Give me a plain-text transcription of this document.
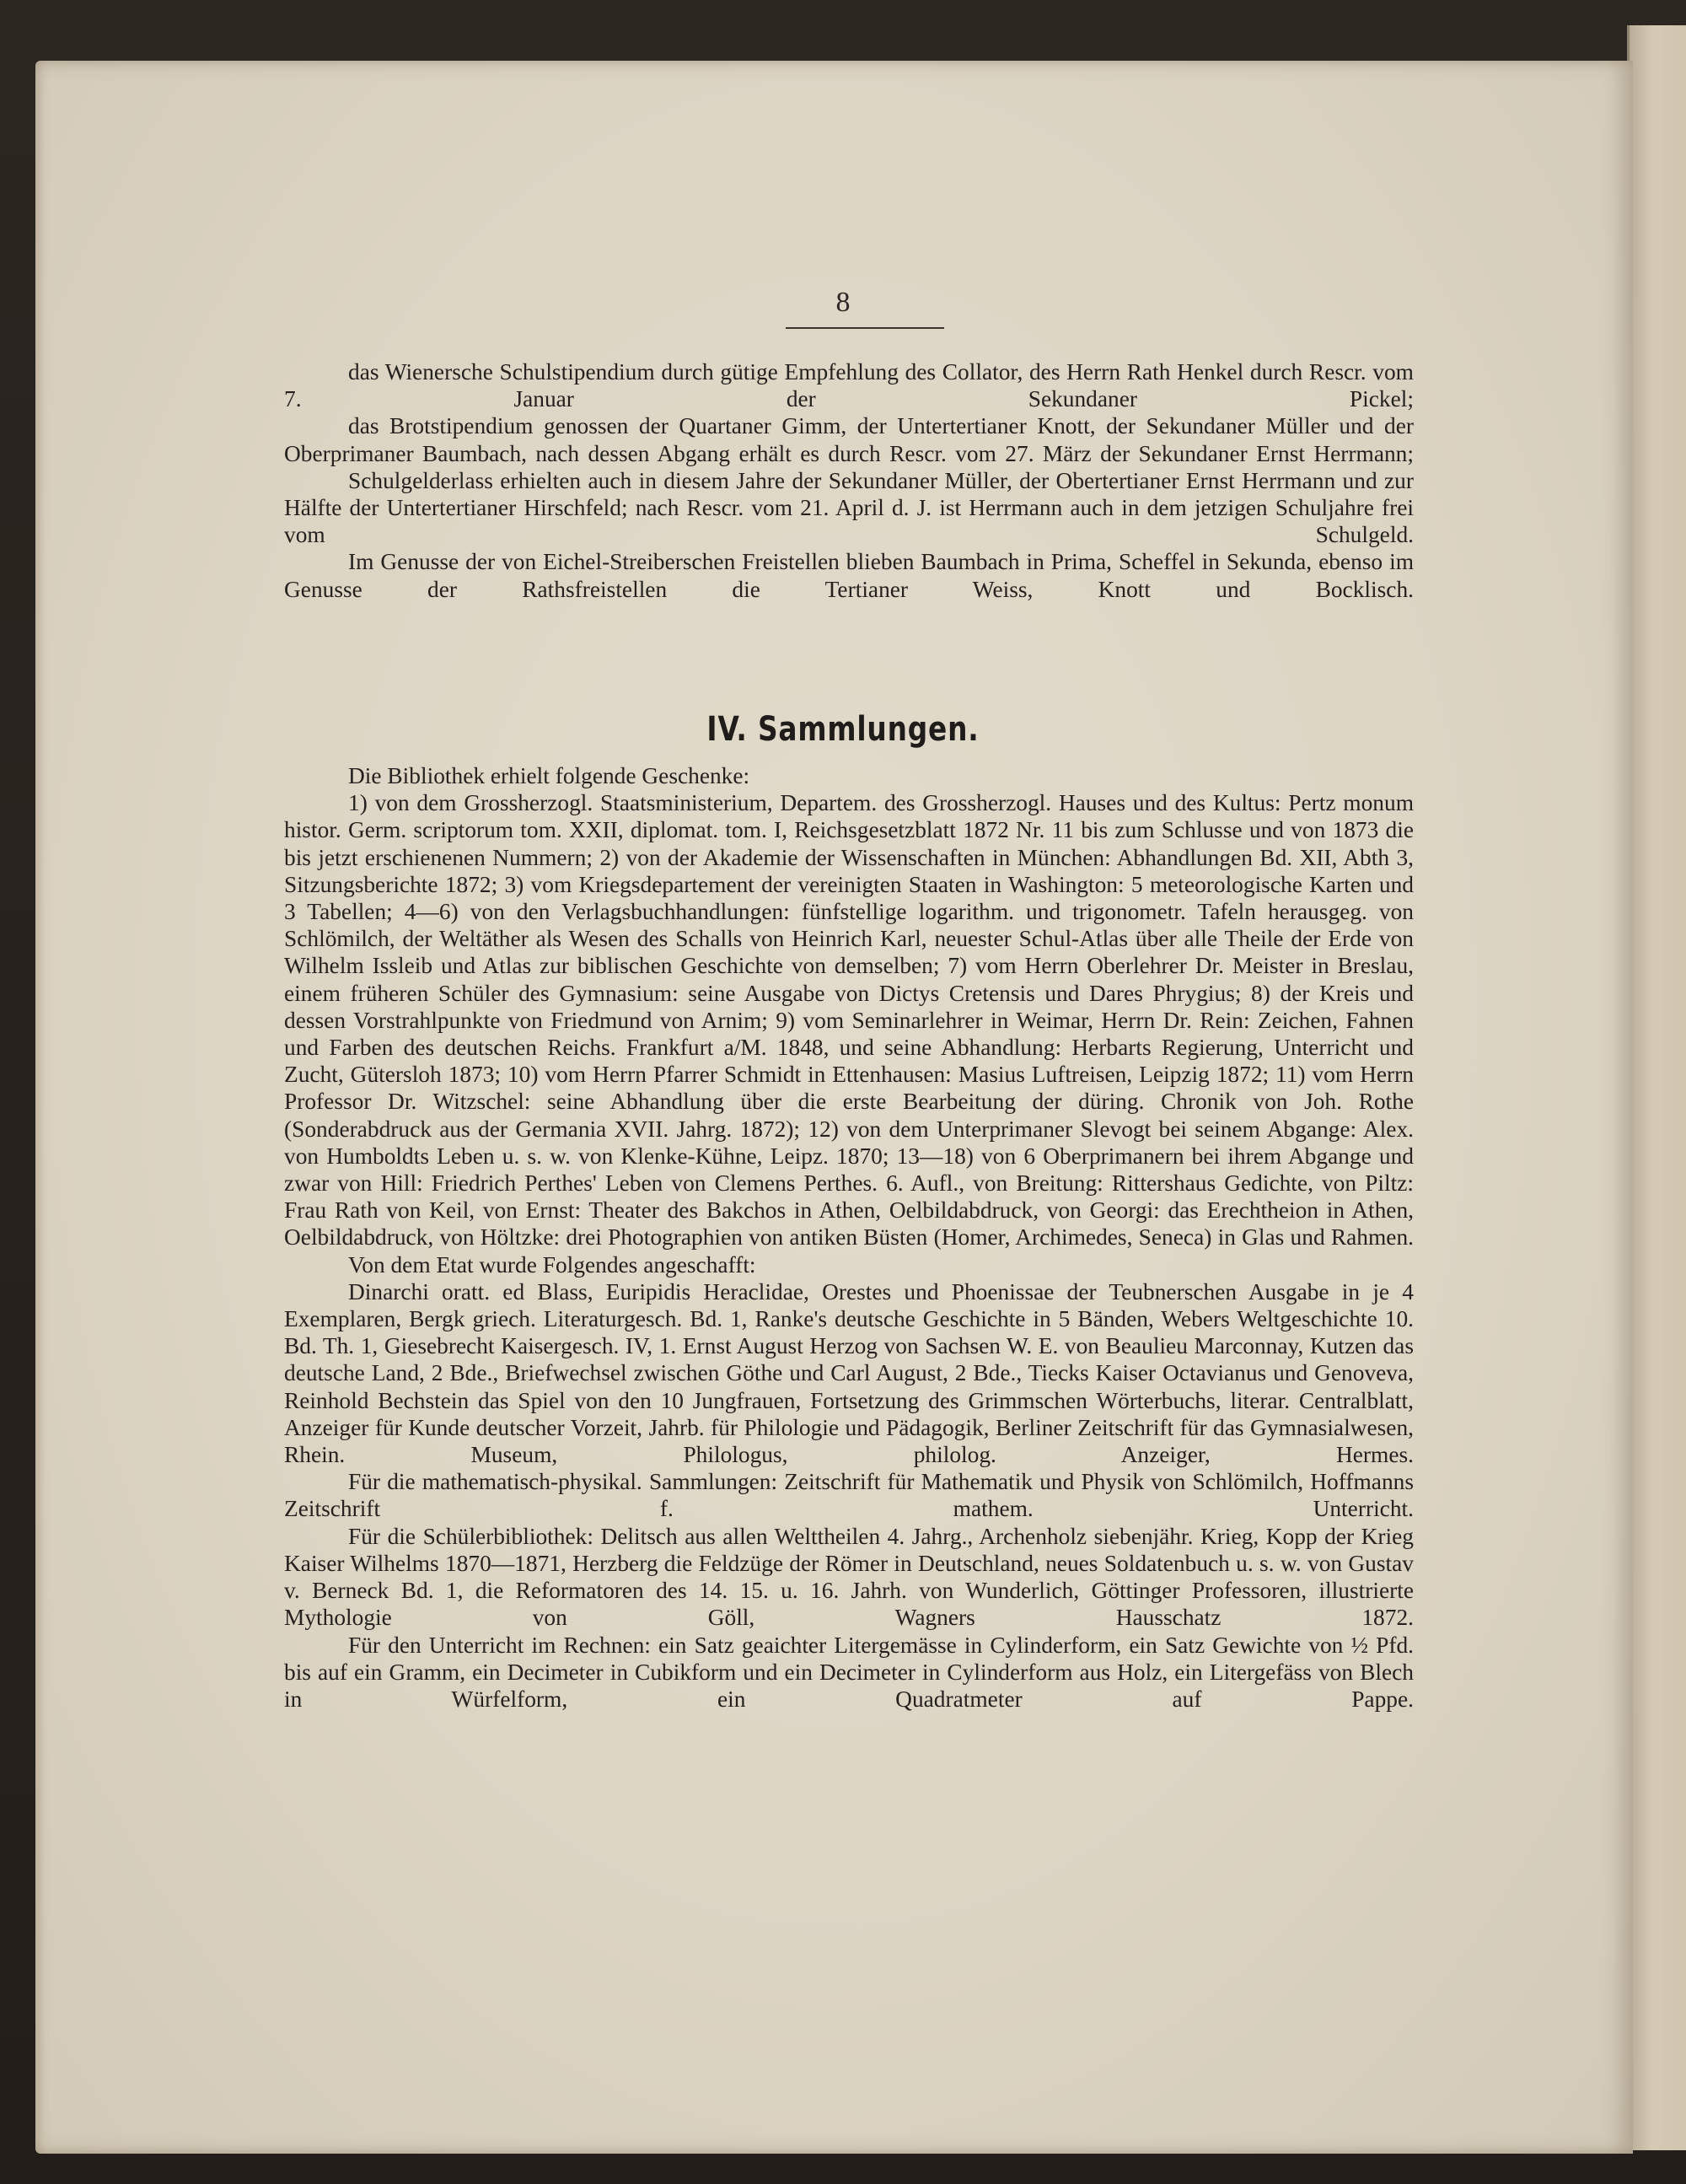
8

das Wienersche Schulstipendium durch gütige Empfehlung des Collator, des Herrn Rath Henkel durch Rescr. vom 7. Januar der Sekundaner Pickel;

das Brotstipendium genossen der Quartaner Gimm, der Untertertianer Knott, der Sekundaner Müller und der Oberprimaner Baumbach, nach dessen Abgang erhält es durch Rescr. vom 27. März der Sekundaner Ernst Herrmann;

Schulgelderlass erhielten auch in diesem Jahre der Sekundaner Müller, der Obertertianer Ernst Herrmann und zur Hälfte der Untertertianer Hirschfeld; nach Rescr. vom 21. April d. J. ist Herrmann auch in dem jetzigen Schuljahre frei vom Schulgeld.

Im Genusse der von Eichel-Streiberschen Freistellen blieben Baumbach in Prima, Scheffel in Sekunda, ebenso im Genusse der Rathsfreistellen die Tertianer Weiss, Knott und Bocklisch.

IV. Sammlungen.

Die Bibliothek erhielt folgende Geschenke:

1) von dem Grossherzogl. Staatsministerium, Departem. des Grossherzogl. Hauses und des Kultus: Pertz monum histor. Germ. scriptorum tom. XXII, diplomat. tom. I, Reichsgesetzblatt 1872 Nr. 11 bis zum Schlusse und von 1873 die bis jetzt erschienenen Nummern; 2) von der Akademie der Wissenschaften in München: Abhandlungen Bd. XII, Abth 3, Sitzungsberichte 1872; 3) vom Kriegsdepartement der vereinigten Staaten in Washington: 5 meteorologische Karten und 3 Tabellen; 4—6) von den Verlagsbuchhandlungen: fünfstellige logarithm. und trigonometr. Tafeln herausgeg. von Schlömilch, der Weltäther als Wesen des Schalls von Heinrich Karl, neuester Schul-Atlas über alle Theile der Erde von Wilhelm Issleib und Atlas zur biblischen Geschichte von demselben; 7) vom Herrn Oberlehrer Dr. Meister in Breslau, einem früheren Schüler des Gymnasium: seine Ausgabe von Dictys Cretensis und Dares Phrygius; 8) der Kreis und dessen Vorstrahlpunkte von Friedmund von Arnim; 9) vom Seminarlehrer in Weimar, Herrn Dr. Rein: Zeichen, Fahnen und Farben des deutschen Reichs. Frankfurt a/M. 1848, und seine Abhandlung: Herbarts Regierung, Unterricht und Zucht, Gütersloh 1873; 10) vom Herrn Pfarrer Schmidt in Ettenhausen: Masius Luftreisen, Leipzig 1872; 11) vom Herrn Professor Dr. Witzschel: seine Abhandlung über die erste Bearbeitung der düring. Chronik von Joh. Rothe (Sonderabdruck aus der Germania XVII. Jahrg. 1872); 12) von dem Unterprimaner Slevogt bei seinem Abgange: Alex. von Humboldts Leben u. s. w. von Klenke-Kühne, Leipz. 1870; 13—18) von 6 Oberprimanern bei ihrem Abgange und zwar von Hill: Friedrich Perthes' Leben von Clemens Perthes. 6. Aufl., von Breitung: Rittershaus Gedichte, von Piltz: Frau Rath von Keil, von Ernst: Theater des Bakchos in Athen, Oelbildabdruck, von Georgi: das Erechtheion in Athen, Oelbildabdruck, von Höltzke: drei Photographien von antiken Büsten (Homer, Archimedes, Seneca) in Glas und Rahmen.

Von dem Etat wurde Folgendes angeschafft:

Dinarchi oratt. ed Blass, Euripidis Heraclidae, Orestes und Phoenissae der Teubnerschen Ausgabe in je 4 Exemplaren, Bergk griech. Literaturgesch. Bd. 1, Ranke's deutsche Geschichte in 5 Bänden, Webers Weltgeschichte 10. Bd. Th. 1, Giesebrecht Kaisergesch. IV, 1. Ernst August Herzog von Sachsen W. E. von Beaulieu Marconnay, Kutzen das deutsche Land, 2 Bde., Briefwechsel zwischen Göthe und Carl August, 2 Bde., Tiecks Kaiser Octavianus und Genoveva, Reinhold Bechstein das Spiel von den 10 Jungfrauen, Fortsetzung des Grimmschen Wörterbuchs, literar. Centralblatt, Anzeiger für Kunde deutscher Vorzeit, Jahrb. für Philologie und Pädagogik, Berliner Zeitschrift für das Gymnasialwesen, Rhein. Museum, Philologus, philolog. Anzeiger, Hermes.

Für die mathematisch-physikal. Sammlungen: Zeitschrift für Mathematik und Physik von Schlömilch, Hoffmanns Zeitschrift f. mathem. Unterricht.

Für die Schülerbibliothek: Delitsch aus allen Welttheilen 4. Jahrg., Archenholz siebenjähr. Krieg, Kopp der Krieg Kaiser Wilhelms 1870—1871, Herzberg die Feldzüge der Römer in Deutschland, neues Soldatenbuch u. s. w. von Gustav v. Berneck Bd. 1, die Reformatoren des 14. 15. u. 16. Jahrh. von Wunderlich, Göttinger Professoren, illustrierte Mythologie von Göll, Wagners Hausschatz 1872.

Für den Unterricht im Rechnen: ein Satz geaichter Litergemässe in Cylinderform, ein Satz Gewichte von ½ Pfd. bis auf ein Gramm, ein Decimeter in Cubikform und ein Decimeter in Cylinderform aus Holz, ein Litergefäss von Blech in Würfelform, ein Quadratmeter auf Pappe.
